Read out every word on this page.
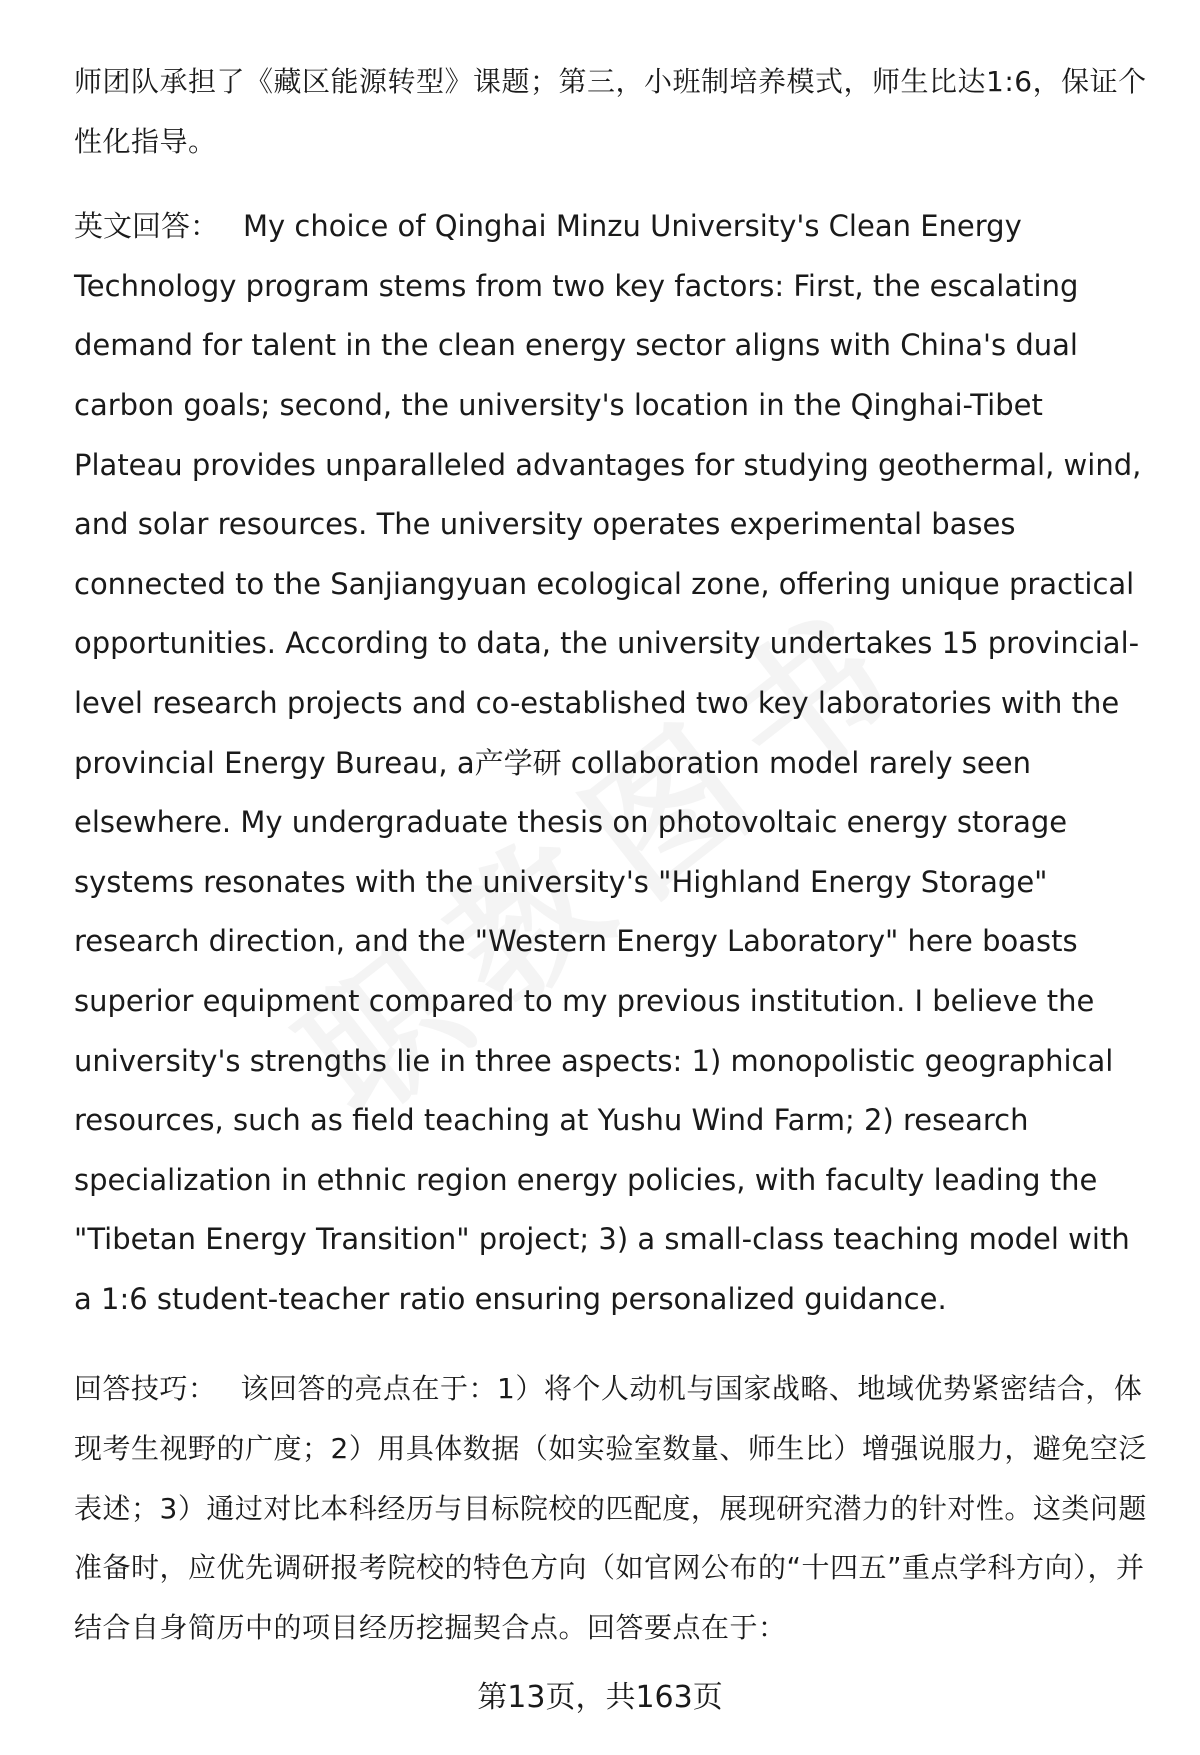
师团队承担了《藏区能源转型》课题；第三，小班制培养模式，师生比达1:6，保证个性化指导。

英文回答： My choice of Qinghai Minzu University's Clean Energy Technology program stems from two key factors: First, the escalating demand for talent in the clean energy sector aligns with China's dual carbon goals; second, the university's location in the Qinghai-Tibet Plateau provides unparalleled advantages for studying geothermal, wind, and solar resources. The university operates experimental bases connected to the Sanjiangyuan ecological zone, offering unique practical opportunities. According to data, the university undertakes 15 provincial-level research projects and co-established two key laboratories with the provincial Energy Bureau, a产学研 collaboration model rarely seen elsewhere. My undergraduate thesis on photovoltaic energy storage systems resonates with the university's "Highland Energy Storage" research direction, and the "Western Energy Laboratory" here boasts superior equipment compared to my previous institution. I believe the university's strengths lie in three aspects: 1) monopolistic geographical resources, such as field teaching at Yushu Wind Farm; 2) research specialization in ethnic region energy policies, with faculty leading the "Tibetan Energy Transition" project; 3) a small-class teaching model with a 1:6 student-teacher ratio ensuring personalized guidance.

回答技巧： 该回答的亮点在于：1）将个人动机与国家战略、地域优势紧密结合，体现考生视野的广度；2）用具体数据（如实验室数量、师生比）增强说服力，避免空泛表述；3）通过对比本科经历与目标院校的匹配度，展现研究潜力的针对性。这类问题准备时，应优先调研报考院校的特色方向（如官网公布的“十四五”重点学科方向），并结合自身简历中的项目经历挖掘契合点。回答要点在于：

第13页，共163页
